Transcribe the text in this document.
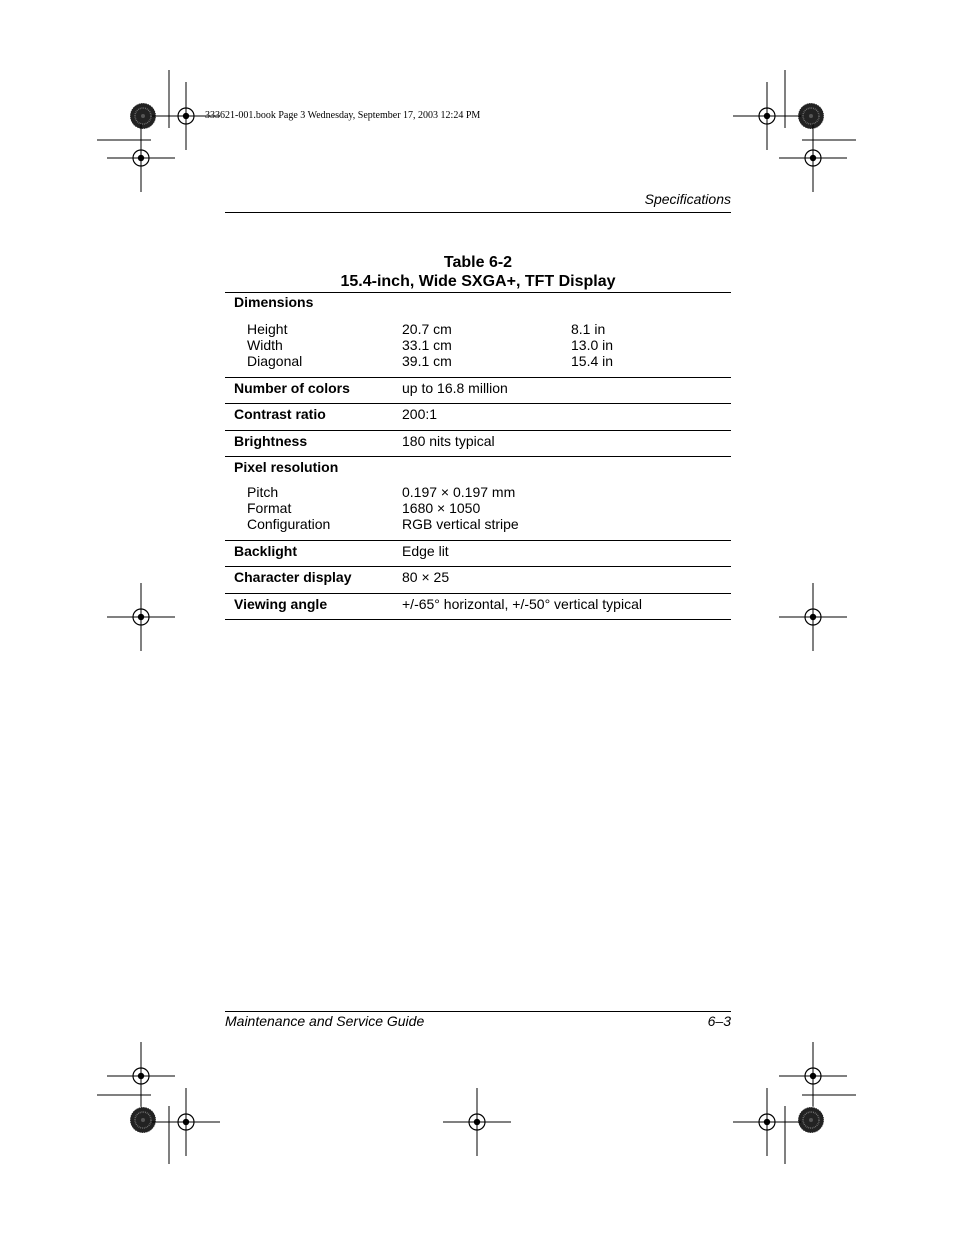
333621-001.book Page 3 Wednesday, September 17, 2003 12:24 PM
Specifications
Table 6-2
15.4-inch, Wide SXGA+, TFT Display
Dimensions
Height	20.7 cm	8.1 in
Width	33.1 cm	13.0 in
Diagonal	39.1 cm	15.4 in
Number of colors	up to 16.8 million
Contrast ratio	200:1
Brightness	180 nits typical
Pixel resolution
Pitch	0.197 × 0.197 mm
Format	1680 × 1050
Configuration	RGB vertical stripe
Backlight	Edge lit
Character display	80 × 25
Viewing angle	+/-65° horizontal, +/-50° vertical typical
Maintenance and Service Guide	6–3
